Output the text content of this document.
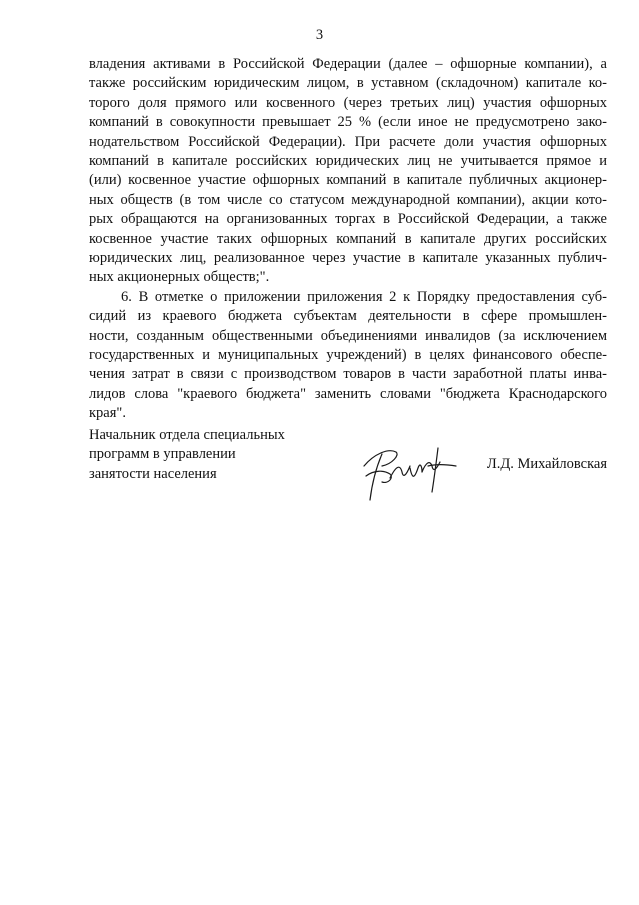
3
владения активами в Российской Федерации (далее – офшорные компании), а
также российским юридическим лицом, в уставном (складочном) капитале ко-
торого доля прямого или косвенного (через третьих лиц) участия офшорных
компаний в совокупности превышает 25 % (если иное не предусмотрено зако-
нодательством Российской Федерации). При расчете доли участия офшорных
компаний в капитале российских юридических лиц не учитывается прямое и
(или) косвенное участие офшорных компаний в капитале публичных акционер-
ных обществ (в том числе со статусом международной компании), акции кото-
рых обращаются на организованных торгах в Российской Федерации, а также
косвенное участие таких офшорных компаний в капитале других российских
юридических лиц, реализованное через участие в капитале указанных публич-
ных акционерных обществ;".
6. В отметке о приложении приложения 2 к Порядку предоставления суб-
сидий из краевого бюджета субъектам деятельности в сфере промышлен-
ности, созданным общественными объединениями инвалидов (за исключением
государственных и муниципальных учреждений) в целях финансового обеспе-
чения затрат в связи с производством товаров в части заработной платы инва-
лидов слова "краевого бюджета" заменить словами "бюджета Краснодарского
края".
Начальник отдела специальных
программ в управлении
занятости населения
Л.Д. Михайловская
